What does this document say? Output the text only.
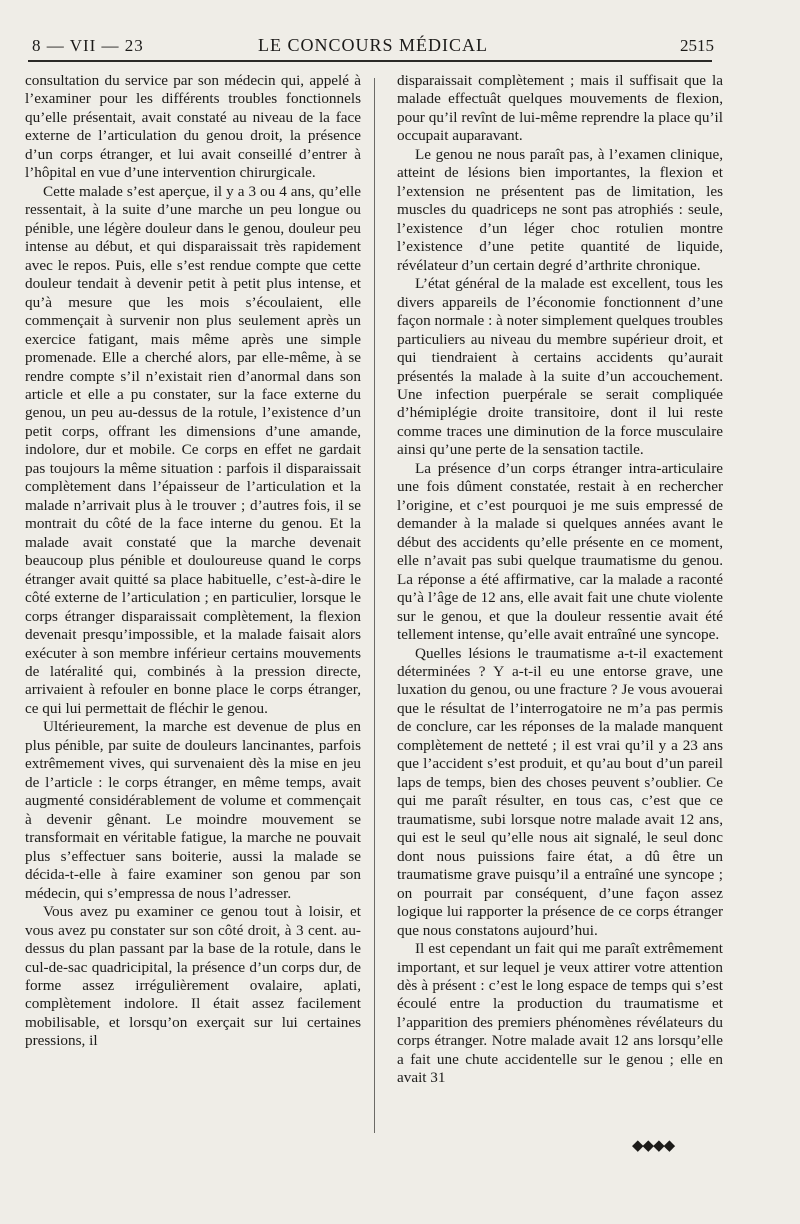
8 — VII — 23	LE CONCOURS MÉDICAL	2515

consultation du service par son médecin qui, appelé à l’examiner pour les différents troubles fonctionnels qu’elle présentait, avait constaté au niveau de la face externe de l’articulation du genou droit, la présence d’un corps étranger, et lui avait conseillé d’entrer à l’hôpital en vue d’une intervention chirurgicale.

Cette malade s’est aperçue, il y a 3 ou 4 ans, qu’elle ressentait, à la suite d’une marche un peu longue ou pénible, une légère douleur dans le genou, douleur peu intense au début, et qui disparaissait très rapidement avec le repos. Puis, elle s’est rendue compte que cette douleur tendait à devenir petit à petit plus intense, et qu’à mesure que les mois s’écoulaient, elle commençait à survenir non plus seulement après un exercice fatigant, mais même après une simple promenade. Elle a cherché alors, par elle-même, à se rendre compte s’il n’existait rien d’anormal dans son article et elle a pu constater, sur la face externe du genou, un peu au-dessus de la rotule, l’existence d’un petit corps, offrant les dimensions d’une amande, indolore, dur et mobile. Ce corps en effet ne gardait pas toujours la même situation : parfois il disparaissait complètement dans l’épaisseur de l’articulation et la malade n’arrivait plus à le trouver ; d’autres fois, il se montrait du côté de la face interne du genou. Et la malade avait constaté que la marche devenait beaucoup plus pénible et douloureuse quand le corps étranger avait quitté sa place habituelle, c’est-à-dire le côté externe de l’articulation ; en particulier, lorsque le corps étranger disparaissait complètement, la flexion devenait presqu’impossible, et la malade faisait alors exécuter à son membre inférieur certains mouvements de latéralité qui, combinés à la pression directe, arrivaient à refouler en bonne place le corps étranger, ce qui lui permettait de fléchir le genou.

Ultérieurement, la marche est devenue de plus en plus pénible, par suite de douleurs lancinantes, parfois extrêmement vives, qui survenaient dès la mise en jeu de l’article : le corps étranger, en même temps, avait augmenté considérablement de volume et commençait à devenir gênant. Le moindre mouvement se transformait en véritable fatigue, la marche ne pouvait plus s’effectuer sans boiterie, aussi la malade se décida-t-elle à faire examiner son genou par son médecin, qui s’empressa de nous l’adresser.

Vous avez pu examiner ce genou tout à loisir, et vous avez pu constater sur son côté droit, à 3 cent. au-dessus du plan passant par la base de la rotule, dans le cul-de-sac quadricipital, la présence d’un corps dur, de forme assez irrégulièrement ovalaire, aplati, complètement indolore. Il était assez facilement mobilisable, et lorsqu’on exerçait sur lui certaines pressions, il

disparaissait complètement ; mais il suffisait que la malade effectuât quelques mouvements de flexion, pour qu’il revînt de lui-même reprendre la place qu’il occupait auparavant.

Le genou ne nous paraît pas, à l’examen clinique, atteint de lésions bien importantes, la flexion et l’extension ne présentent pas de limitation, les muscles du quadriceps ne sont pas atrophiés : seule, l’existence d’un léger choc rotulien montre l’existence d’une petite quantité de liquide, révélateur d’un certain degré d’arthrite chronique.

L’état général de la malade est excellent, tous les divers appareils de l’économie fonctionnent d’une façon normale : à noter simplement quelques troubles particuliers au niveau du membre supérieur droit, et qui tiendraient à certains accidents qu’aurait présentés la malade à la suite d’un accouchement. Une infection puerpérale se serait compliquée d’hémiplégie droite transitoire, dont il lui reste comme traces une diminution de la force musculaire ainsi qu’une perte de la sensation tactile.

La présence d’un corps étranger intra-articulaire une fois dûment constatée, restait à en rechercher l’origine, et c’est pourquoi je me suis empressé de demander à la malade si quelques années avant le début des accidents qu’elle présente en ce moment, elle n’avait pas subi quelque traumatisme du genou. La réponse a été affirmative, car la malade a raconté qu’à l’âge de 12 ans, elle avait fait une chute violente sur le genou, et que la douleur ressentie avait été tellement intense, qu’elle avait entraîné une syncope.

Quelles lésions le traumatisme a-t-il exactement déterminées ? Y a-t-il eu une entorse grave, une luxation du genou, ou une fracture ? Je vous avouerai que le résultat de l’interrogatoire ne m’a pas permis de conclure, car les réponses de la malade manquent complètement de netteté ; il est vrai qu’il y a 23 ans que l’accident s’est produit, et qu’au bout d’un pareil laps de temps, bien des choses peuvent s’oublier. Ce qui me paraît résulter, en tous cas, c’est que ce traumatisme, subi lorsque notre malade avait 12 ans, qui est le seul qu’elle nous ait signalé, le seul donc dont nous puissions faire état, a dû être un traumatisme grave puisqu’il a entraîné une syncope ; on pourrait par conséquent, d’une façon assez logique lui rapporter la présence de ce corps étranger que nous constatons aujourd’hui.

Il est cependant un fait qui me paraît extrêmement important, et sur lequel je veux attirer votre attention dès à présent : c’est le long espace de temps qui s’est écoulé entre la production du traumatisme et l’apparition des premiers phénomènes révélateurs du corps étranger. Notre malade avait 12 ans lorsqu’elle a fait une chute accidentelle sur le genou ; elle en avait 31

◆◆◆◆
